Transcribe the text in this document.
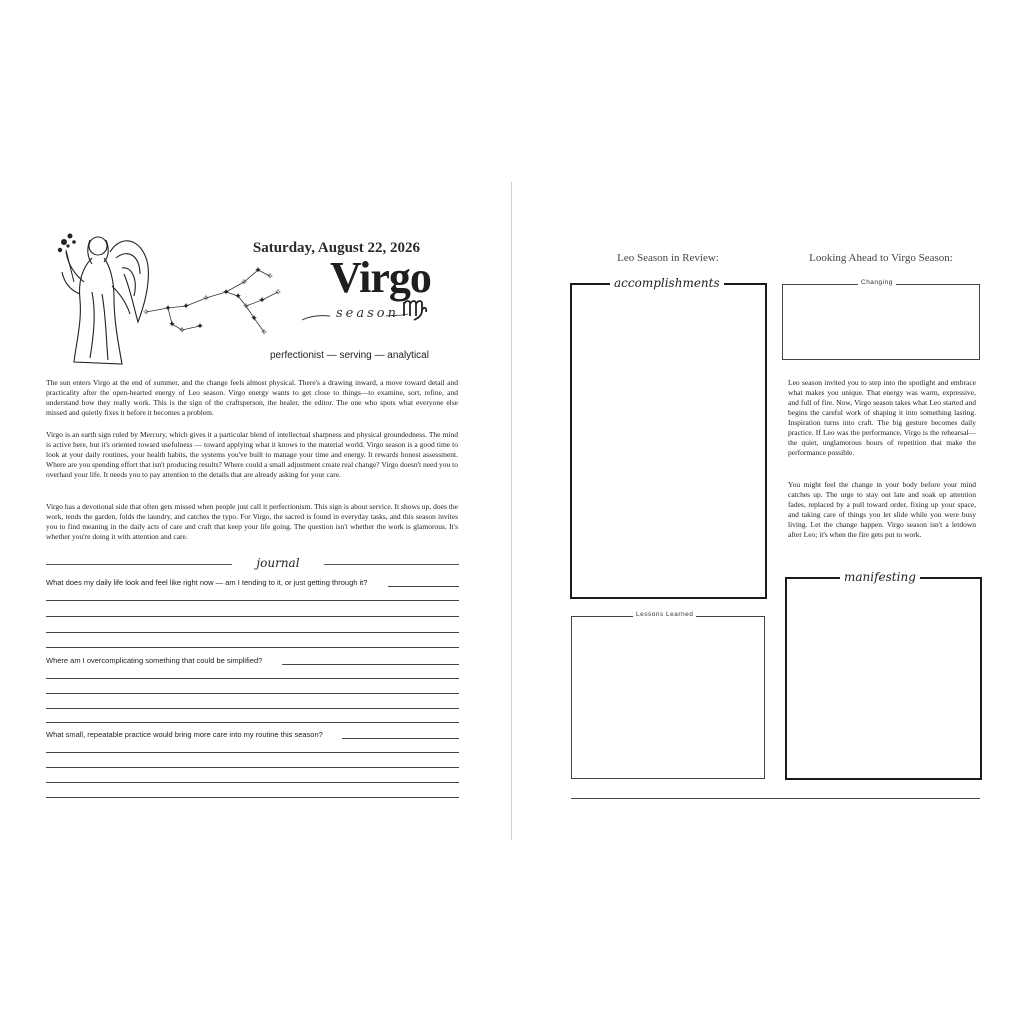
✧ ✦ ✦
✧
✦
✧
✦
✧
✦
✧
✦
✧
✦
✧
✦
✧ ✦
Saturday, August 22, 2026
Virgo
season
perfectionist — serving — analytical

The sun enters Virgo at the end of summer, and the change feels almost physical. There's a drawing inward, a move toward detail and practicality after the open-hearted energy of Leo season. Virgo energy wants to get close to things—to examine, sort, refine, and understand how they really work. This is the sign of the craftsperson, the healer, the editor. The one who spots what everyone else missed and quietly fixes it before it becomes a problem.

Virgo is an earth sign ruled by Mercury, which gives it a particular blend of intellectual sharpness and physical groundedness. The mind is active here, but it's oriented toward usefulness — toward applying what it knows to the material world. Virgo season is a good time to look at your daily routines, your health habits, the systems you've built to manage your time and energy. It rewards honest assessment. Where are you spending effort that isn't producing results? Where could a small adjustment create real change? Virgo doesn't need you to overhaul your life. It needs you to pay attention to the details that are already asking for your care.

Virgo has a devotional side that often gets missed when people just call it perfectionism. This sign is about service. It shows up, does the work, tends the garden, folds the laundry, and catches the typo. For Virgo, the sacred is found in everyday tasks, and this season invites you to find meaning in the daily acts of care and craft that keep your life going. The question isn't whether the work is glamorous. It's whether you're doing it with attention and care.

journal
What does my daily life look and feel like right now — am I tending to it, or just getting through it?
Where am I overcomplicating something that could be simplified?
What small, repeatable practice would bring more care into my routine this season?
Leo Season in Review:	Looking Ahead to Virgo Season:
accomplishments
Lessons Learned
Changing

Leo season invited you to step into the spotlight and embrace what makes you unique. That energy was warm, expressive, and full of fire. Now, Virgo season takes what Leo started and begins the careful work of shaping it into something lasting. Inspiration turns into craft. The big gesture becomes daily practice. If Leo was the performance, Virgo is the rehearsal—the quiet, unglamorous hours of repetition that make the performance possible.

You might feel the change in your body before your mind catches up. The urge to stay out late and soak up attention fades, replaced by a pull toward order, fixing up your space, and taking care of things you let slide while you were busy living. Let the change happen. Virgo season isn't a letdown after Leo; it's when the fire gets put to work.

manifesting
